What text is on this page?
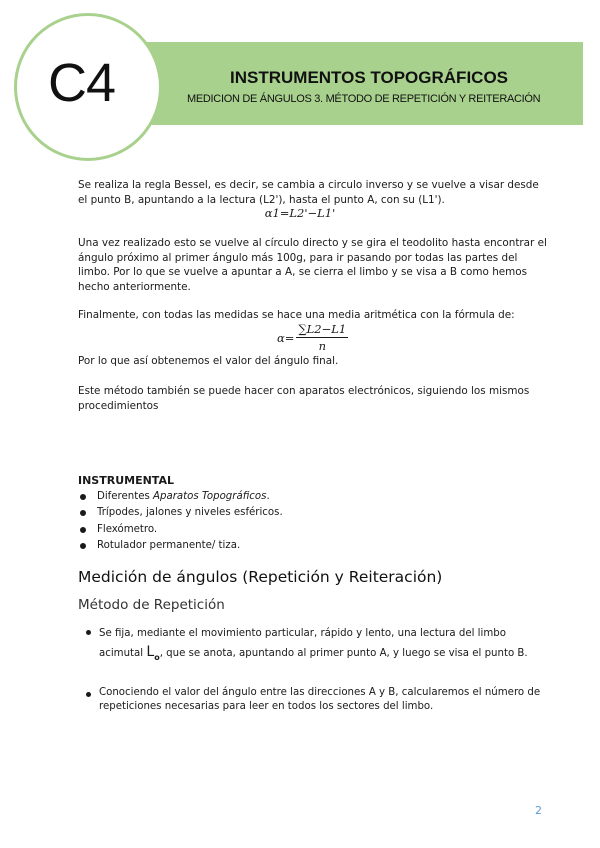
C4	INSTRUMENTOS TOPOGRÁFICOS
MEDICION DE ÁNGULOS 3. MÉTODO DE REPETICIÓN Y REITERACIÓN

Se realiza la regla Bessel, es decir, se cambia a circulo inverso y se vuelve a visar desde el punto B, apuntando a la lectura (L2'), hasta el punto A, con su (L1').

α1=L2'−L1'

Una vez realizado esto se vuelve al círculo directo y se gira el teodolito hasta encontrar el ángulo próximo al primer ángulo más 100g, para ir pasando por todas las partes del limbo. Por lo que se vuelve a apuntar a A, se cierra el limbo y se visa a B como hemos hecho anteriormente.

Finalmente, con todas las medidas se hace una media aritmética con la fórmula de:

$\alpha= \frac{\sum L2-L1}{n}$

Por lo que así obtenemos el valor del ángulo final.

Este método también se puede hacer con aparatos electrónicos, siguiendo los mismos procedimientos

INSTRUMENTAL
Diferentes Aparatos Topográficos.
Trípodes, jalones y niveles esféricos.
Flexómetro.
Rotulador permanente/ tiza.
Medición de ángulos (Repetición y Reiteración)
Método de Repetición
Se fija, mediante el movimiento particular, rápido y lento, una lectura del limbo acimutal $L_o$, que se anota, apuntando al primer punto A, y luego se visa el punto B.
Conociendo el valor del ángulo entre las direcciones A y B, calcularemos el número de repeticiones necesarias para leer en todos los sectores del limbo.
2
